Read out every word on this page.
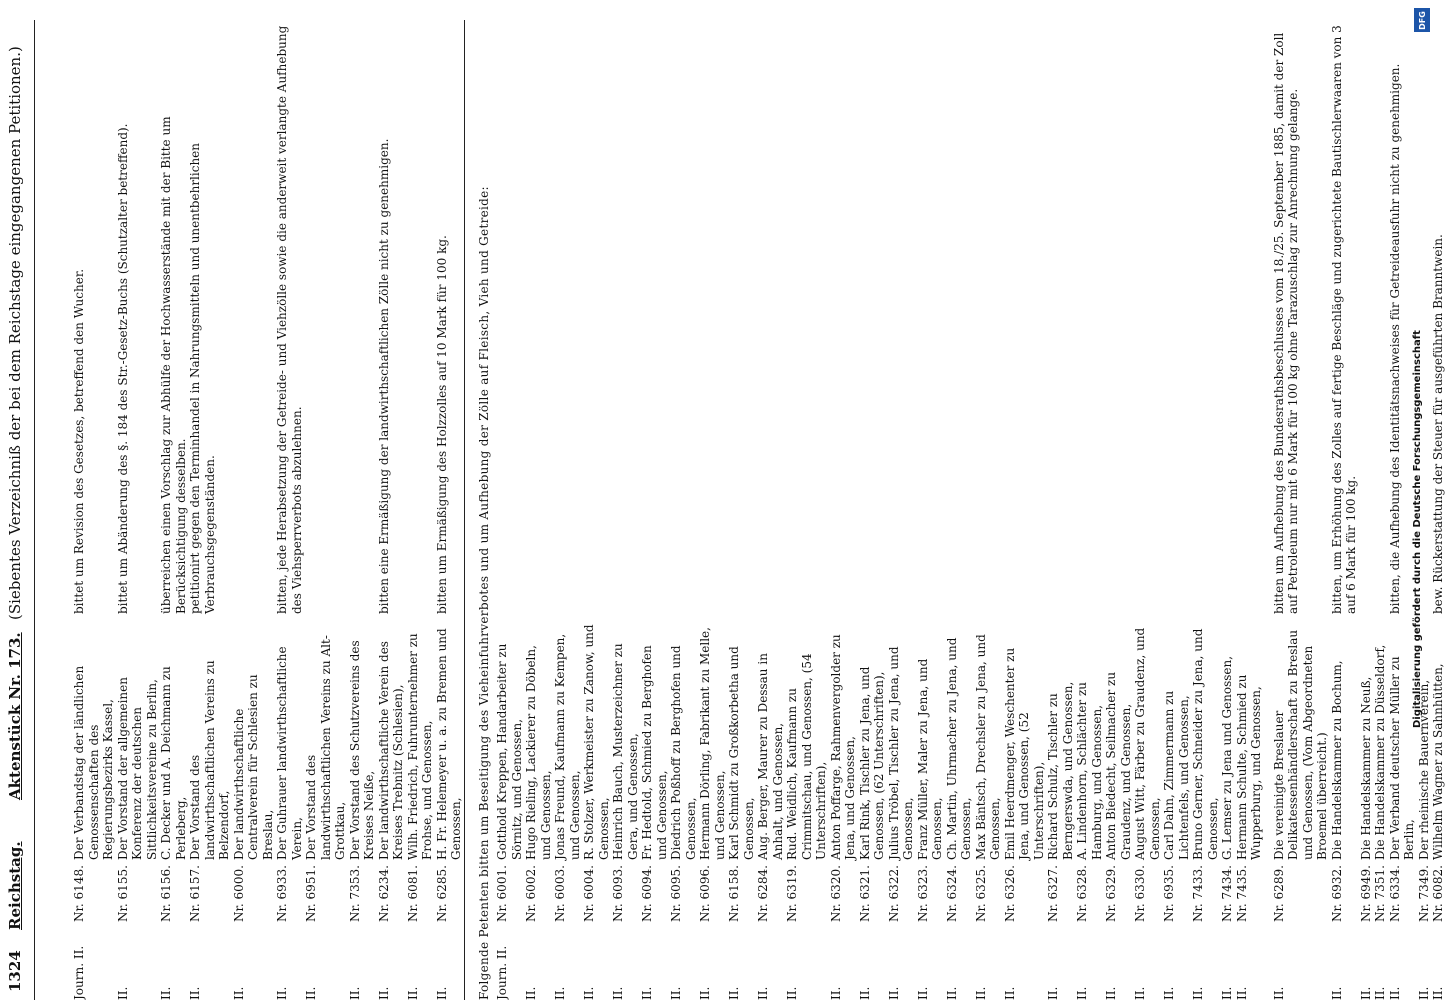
1324
Reichstag.
Aktenstück Nr. 173.
(Siebentes Verzeichniß der bei dem Reichstage eingegangenen Petitionen.)
Journ. II.
Nr. 6148.
Der Verbandstag der ländlichen Genossenschaften des Regierungsbezirks Kassel,
bittet um Revision des Gesetzes, betreffend den Wucher.
II.
Nr. 6155.
Der Vorstand der allgemeinen Konferenz der deutschen Sittlichkeitsvereine zu Berlin,
bittet um Abänderung des §. 184 des Str.-Gesetz-Buchs (Schutzalter betreffend).
II.
Nr. 6156.
C. Decker und A. Deichmann zu Perleberg,
überreichen einen Vorschlag zur Abhülfe der Hochwasserstände mit der Bitte um Berücksichtigung desselben.
II.
Nr. 6157.
Der Vorstand des landwirthschaftlichen Vereins zu Belzendorf,
petitionirt gegen den Terminhandel in Nahrungsmitteln und unentbehrlichen Verbrauchsgegenständen.
II.
Nr. 6000.
Der landwirthschaftliche Centralverein für Schlesien zu Breslau,
II.
Nr. 6933.
Der Guhrauer landwirthschaftliche Verein,
bitten, jede Herabsetzung der Getreide- und Viehzölle sowie die anderweit verlangte Aufhebung des Viehsperrverbots abzulehnen.
II.
Nr. 6951.
Der Vorstand des landwirthschaftlichen Vereins zu Alt-Grottkau,
II.
Nr. 7353.
Der Vorstand des Schutzvereins des Kreises Neiße,
II.
Nr. 6234.
Der landwirthschaftliche Verein des Kreises Trebnitz (Schlesien),
bitten eine Ermäßigung der landwirthschaftlichen Zölle nicht zu genehmigen.
II.
Nr. 6081.
Wilh. Friedrich, Fuhrunternehmer zu Frohse, und Genossen,
II.
Nr. 6285.
H. Fr. Helemeyer u. a. zu Bremen und Genossen,
bitten um Ermäßigung des Holzzolles auf 10 Mark für 100 kg.	Folgende Petenten bitten um Beseitigung des Vieheinfuhrverbotes und um Aufhebung der Zölle auf Fleisch, Vieh und Getreide: Journ. II.
Nr. 6001.
Gotthold Kreppen, Handarbeiter zu Sörnitz, und Genossen,
II.
Nr. 6002.
Hugo Rieling, Lackierer zu Döbeln, und Genossen,
II.
Nr. 6003.
Jonas Freund, Kaufmann zu Kempen, und Genossen,
II.
Nr. 6004.
R. Stolzer, Werkmeister zu Zanow, und Genossen,
II.
Nr. 6093.
Heinrich Bauch, Musterzeichner zu Gera, und Genossen,
II.
Nr. 6094.
Fr. Hedtold, Schmied zu Berghofen und Genossen,
II.
Nr. 6095.
Diedrich Poßhoff zu Berghofen und Genossen,
II.
Nr. 6096.
Hermann Dörling, Fabrikant zu Melle, und Genossen,
II.
Nr. 6158.
Karl Schmidt zu Großkorbetha und Genossen,
II.
Nr. 6284.
Aug. Berger, Maurer zu Dessau in Anhalt, und Genossen,
II.
Nr. 6319.
Rud. Weidlich, Kaufmann zu Crimmitschau, und Genossen, (54 Unterschriften),
II.
Nr. 6320.
Anton Poffarge, Rahmenvergolder zu Jena, und Genossen,
II.
Nr. 6321.
Karl Rink, Tischler zu Jena, und Genossen, (62 Unterschriften),
II.
Nr. 6322.
Julius Tröbel, Tischler zu Jena, und Genossen,
II.
Nr. 6323.
Franz Müller, Maler zu Jena, und Genossen,
II.
Nr. 6324.
Ch. Martin, Uhrmacher zu Jena, und Genossen,
II.
Nr. 6325.
Max Bäntsch, Drechsler zu Jena, und Genossen,
II.
Nr. 6326.
Emil Heerdmenger, Weschenter zu Jena, und Genossen, (52 Unterschriften),
II.
Nr. 6327.
Richard Schulz, Tischler zu Berngerswda, und Genossen,
II.
Nr. 6328.
A. Lindenhorn, Schlächter zu Hamburg, und Genossen,
II.
Nr. 6329.
Anton Biedecht, Seilmacher zu Graudenz, und Genossen,
II.
Nr. 6330.
August Witt, Färber zu Graudenz, und Genossen,
II.
Nr. 6935.
Carl Dahn, Zimmermann zu Lichtenfels, und Genossen,
II.
Nr. 7433.
Bruno Gerner, Schneider zu Jena, und Genossen,
II.
Nr. 7434.
G. Lemser zu Jena und Genossen,
II.
Nr. 7435.
Hermann Schulte, Schmied zu Wupperburg, und Genossen,
II.
Nr. 6289.
Die vereinigte Breslauer Delikatessenhändlerschaft zu Breslau und Genossen, (Vom Abgeordneten Broemel überreicht.)
bitten um Aufhebung des Bundesrathsbeschlusses vom 18./25. September 1885, damit der Zoll auf Petroleum nur mit 6 Mark für 100 kg ohne Tarazuschlag zur Anrechnung gelange.
II.
Nr. 6932.
Die Handelskammer zu Bochum,
bitten, um Erhöhung des Zolles auf fertige Beschläge und zugerichtete Bautischlerwaaren von 3 auf 6 Mark für 100 kg.
II.
Nr. 6949.
Die Handelskammer zu Neuß,
II.
Nr. 7351.
Die Handelskammer zu Düsseldorf,
II.
Nr. 6334.
Der Verband deutscher Müller zu Berlin,
bitten, die Aufhebung des Identitätsnachweises für Getreideausfuhr nicht zu genehmigen.
II.
Nr. 7349.
Der rheinische Bauernverein,
II.
Nr. 6082.
Wilhelm Wagner zu Sahnhütten,
bew. Rückerstattung der Steuer für ausgeführten Branntwein.
Digitalisierung gefördert durch die Deutsche Forschungsgemeinschaft
DFG
